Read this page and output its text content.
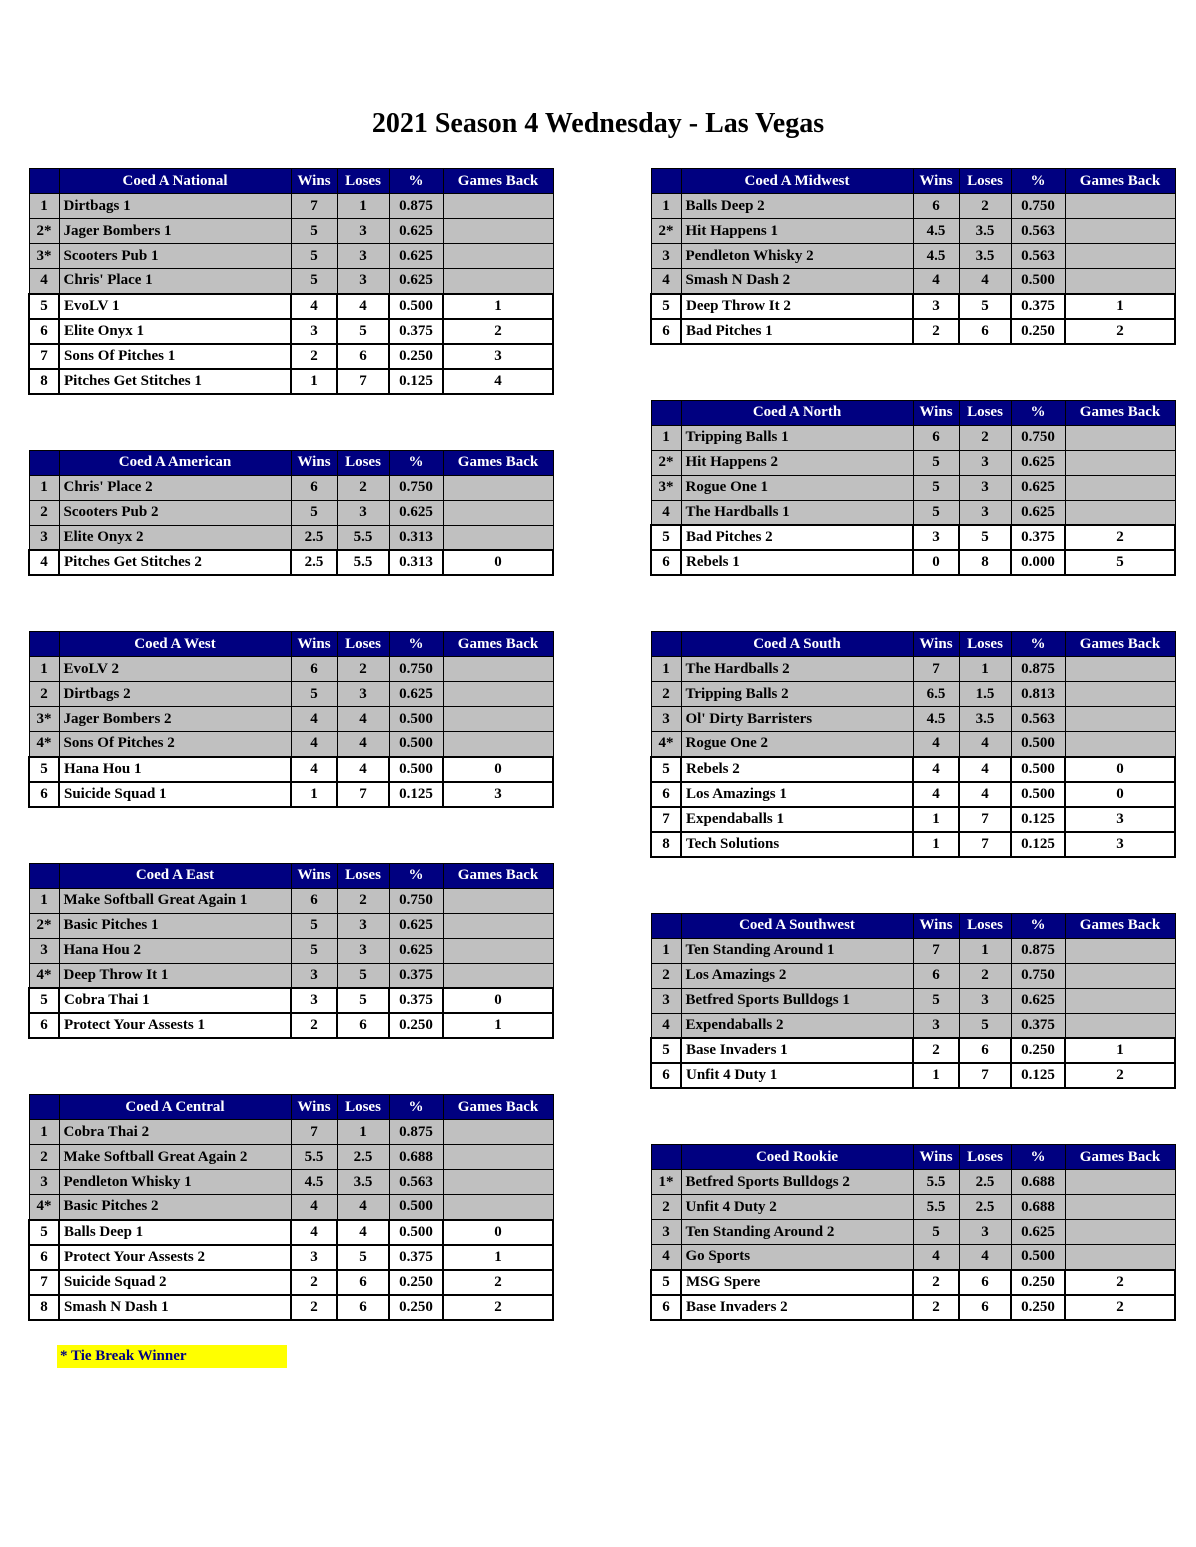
2021 Season 4 Wednesday - Las Vegas
	Coed A National	Wins	Loses	%	Games Back
1	Dirtbags 1	7	1	0.875	
2*	Jager Bombers 1	5	3	0.625	
3*	Scooters Pub 1	5	3	0.625	
4	Chris' Place 1	5	3	0.625	
5	EvoLV 1	4	4	0.500	1
6	Elite Onyx 1	3	5	0.375	2
7	Sons Of Pitches 1	2	6	0.250	3
8	Pitches Get Stitches 1	1	7	0.125	4
	Coed A American	Wins	Loses	%	Games Back
1	Chris' Place 2	6	2	0.750	
2	Scooters Pub 2	5	3	0.625	
3	Elite Onyx 2	2.5	5.5	0.313	
4	Pitches Get Stitches 2	2.5	5.5	0.313	0
	Coed A West	Wins	Loses	%	Games Back
1	EvoLV 2	6	2	0.750	
2	Dirtbags 2	5	3	0.625	
3*	Jager Bombers 2	4	4	0.500	
4*	Sons Of Pitches 2	4	4	0.500	
5	Hana Hou 1	4	4	0.500	0
6	Suicide Squad 1	1	7	0.125	3
	Coed A East	Wins	Loses	%	Games Back
1	Make Softball Great Again 1	6	2	0.750	
2*	Basic Pitches 1	5	3	0.625	
3	Hana Hou 2	5	3	0.625	
4*	Deep Throw It 1	3	5	0.375	
5	Cobra Thai 1	3	5	0.375	0
6	Protect Your Assests 1	2	6	0.250	1
	Coed A Central	Wins	Loses	%	Games Back
1	Cobra Thai 2	7	1	0.875	
2	Make Softball Great Again 2	5.5	2.5	0.688	
3	Pendleton Whisky 1	4.5	3.5	0.563	
4*	Basic Pitches 2	4	4	0.500	
5	Balls Deep 1	4	4	0.500	0
6	Protect Your Assests 2	3	5	0.375	1
7	Suicide Squad 2	2	6	0.250	2
8	Smash N Dash 1	2	6	0.250	2
	Coed A Midwest	Wins	Loses	%	Games Back
1	Balls Deep 2	6	2	0.750	
2*	Hit Happens 1	4.5	3.5	0.563	
3	Pendleton Whisky 2	4.5	3.5	0.563	
4	Smash N Dash 2	4	4	0.500	
5	Deep Throw It 2	3	5	0.375	1
6	Bad Pitches 1	2	6	0.250	2
	Coed A North	Wins	Loses	%	Games Back
1	Tripping Balls 1	6	2	0.750	
2*	Hit Happens 2	5	3	0.625	
3*	Rogue One 1	5	3	0.625	
4	The Hardballs 1	5	3	0.625	
5	Bad Pitches 2	3	5	0.375	2
6	Rebels 1	0	8	0.000	5
	Coed A South	Wins	Loses	%	Games Back
1	The Hardballs 2	7	1	0.875	
2	Tripping Balls 2	6.5	1.5	0.813	
3	Ol' Dirty Barristers	4.5	3.5	0.563	
4*	Rogue One 2	4	4	0.500	
5	Rebels 2	4	4	0.500	0
6	Los Amazings 1	4	4	0.500	0
7	Expendaballs 1	1	7	0.125	3
8	Tech Solutions	1	7	0.125	3
	Coed A Southwest	Wins	Loses	%	Games Back
1	Ten Standing Around 1	7	1	0.875	
2	Los Amazings 2	6	2	0.750	
3	Betfred Sports Bulldogs 1	5	3	0.625	
4	Expendaballs 2	3	5	0.375	
5	Base Invaders 1	2	6	0.250	1
6	Unfit 4 Duty 1	1	7	0.125	2
	Coed Rookie	Wins	Loses	%	Games Back
1*	Betfred Sports Bulldogs 2	5.5	2.5	0.688	
2	Unfit 4 Duty 2	5.5	2.5	0.688	
3	Ten Standing Around 2	5	3	0.625	
4	Go Sports	4	4	0.500	
5	MSG Spere	2	6	0.250	2
6	Base Invaders 2	2	6	0.250	2
* Tie Break Winner
